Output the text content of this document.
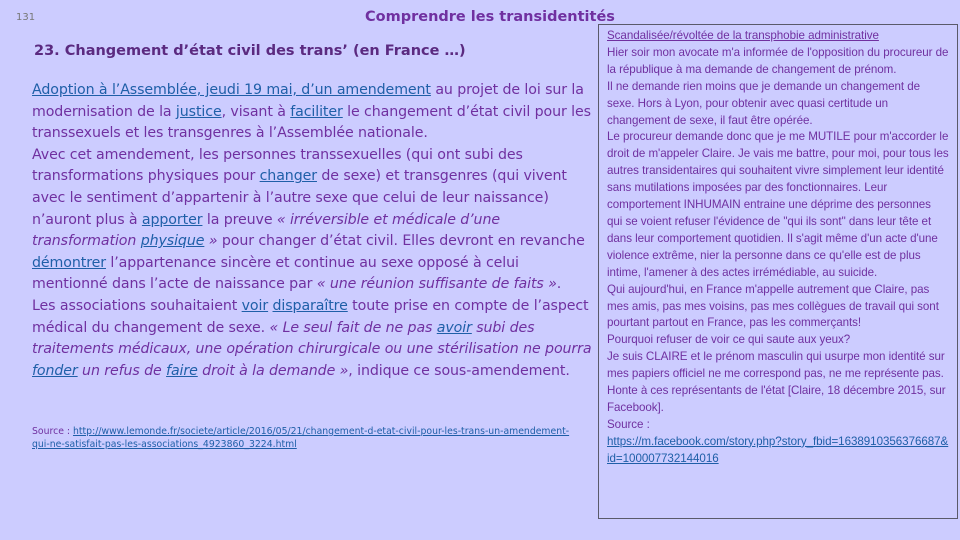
131	Comprendre les transidentités
23. Changement d’état civil des trans’ (en France …)
Adoption à l’Assemblée, jeudi 19 mai, d’un amendement au projet de loi sur la modernisation de la justice, visant à faciliter le changement d’état civil pour les transsexuels et les transgenres à l’Assemblée nationale.
Avec cet amendement, les personnes transsexuelles (qui ont subi des transformations physiques pour changer de sexe) et transgenres (qui vivent avec le sentiment d’appartenir à l’autre sexe que celui de leur naissance) n’auront plus à apporter la preuve « irréversible et médicale d’une transformation physique » pour changer d’état civil. Elles devront en revanche démontrer l’appartenance sincère et continue au sexe opposé à celui mentionné dans l’acte de naissance par « une réunion suffisante de faits ».
Les associations souhaitaient voir disparaître toute prise en compte de l’aspect médical du changement de sexe. « Le seul fait de ne pas avoir subi des traitements médicaux, une opération chirurgicale ou une stérilisation ne pourra fonder un refus de faire droit à la demande », indique ce sous-amendement.
Source : http://www.lemonde.fr/societe/article/2016/05/21/changement-d-etat-civil-pour-les-trans-un-amendement-qui-ne-satisfait-pas-les-associations_4923860_3224.html
Scandalisée/révoltée de la transphobie administrative
Hier soir mon avocate m'a informée de l'opposition du procureur de la république à ma demande de changement de prénom.
Il ne demande rien moins que je demande un changement de sexe. Hors à Lyon, pour obtenir avec quasi certitude un changement de sexe, il faut être opérée.
Le procureur demande donc que je me MUTILE pour m'accorder le droit de m'appeler Claire. Je vais me battre, pour moi, pour tous les autres transidentaires qui souhaitent vivre simplement leur identité sans mutilations imposées par des fonctionnaires. Leur comportement INHUMAIN entraine une déprime des personnes qui se voient refuser l'évidence de "qui ils sont" dans leur tête et dans leur comportement quotidien. Il s'agit même d'un acte d'une violence extrême, nier la personne dans ce qu'elle est de plus intime, l'amener à des actes irrémédiable, au suicide.
Qui aujourd'hui, en France m'appelle autrement que Claire, pas mes amis, pas mes voisins, pas mes collègues de travail qui sont pourtant partout en France, pas les commerçants!
Pourquoi refuser de voir ce qui saute aux yeux?
Je suis CLAIRE et le prénom masculin qui usurpe mon identité sur mes papiers officiel ne me correspond pas, ne me représente pas.
Honte à ces représentants de l'état [Claire, 18 décembre 2015, sur Facebook].
Source :
https://m.facebook.com/story.php?story_fbid=1638910356376687&id=100007732144016
